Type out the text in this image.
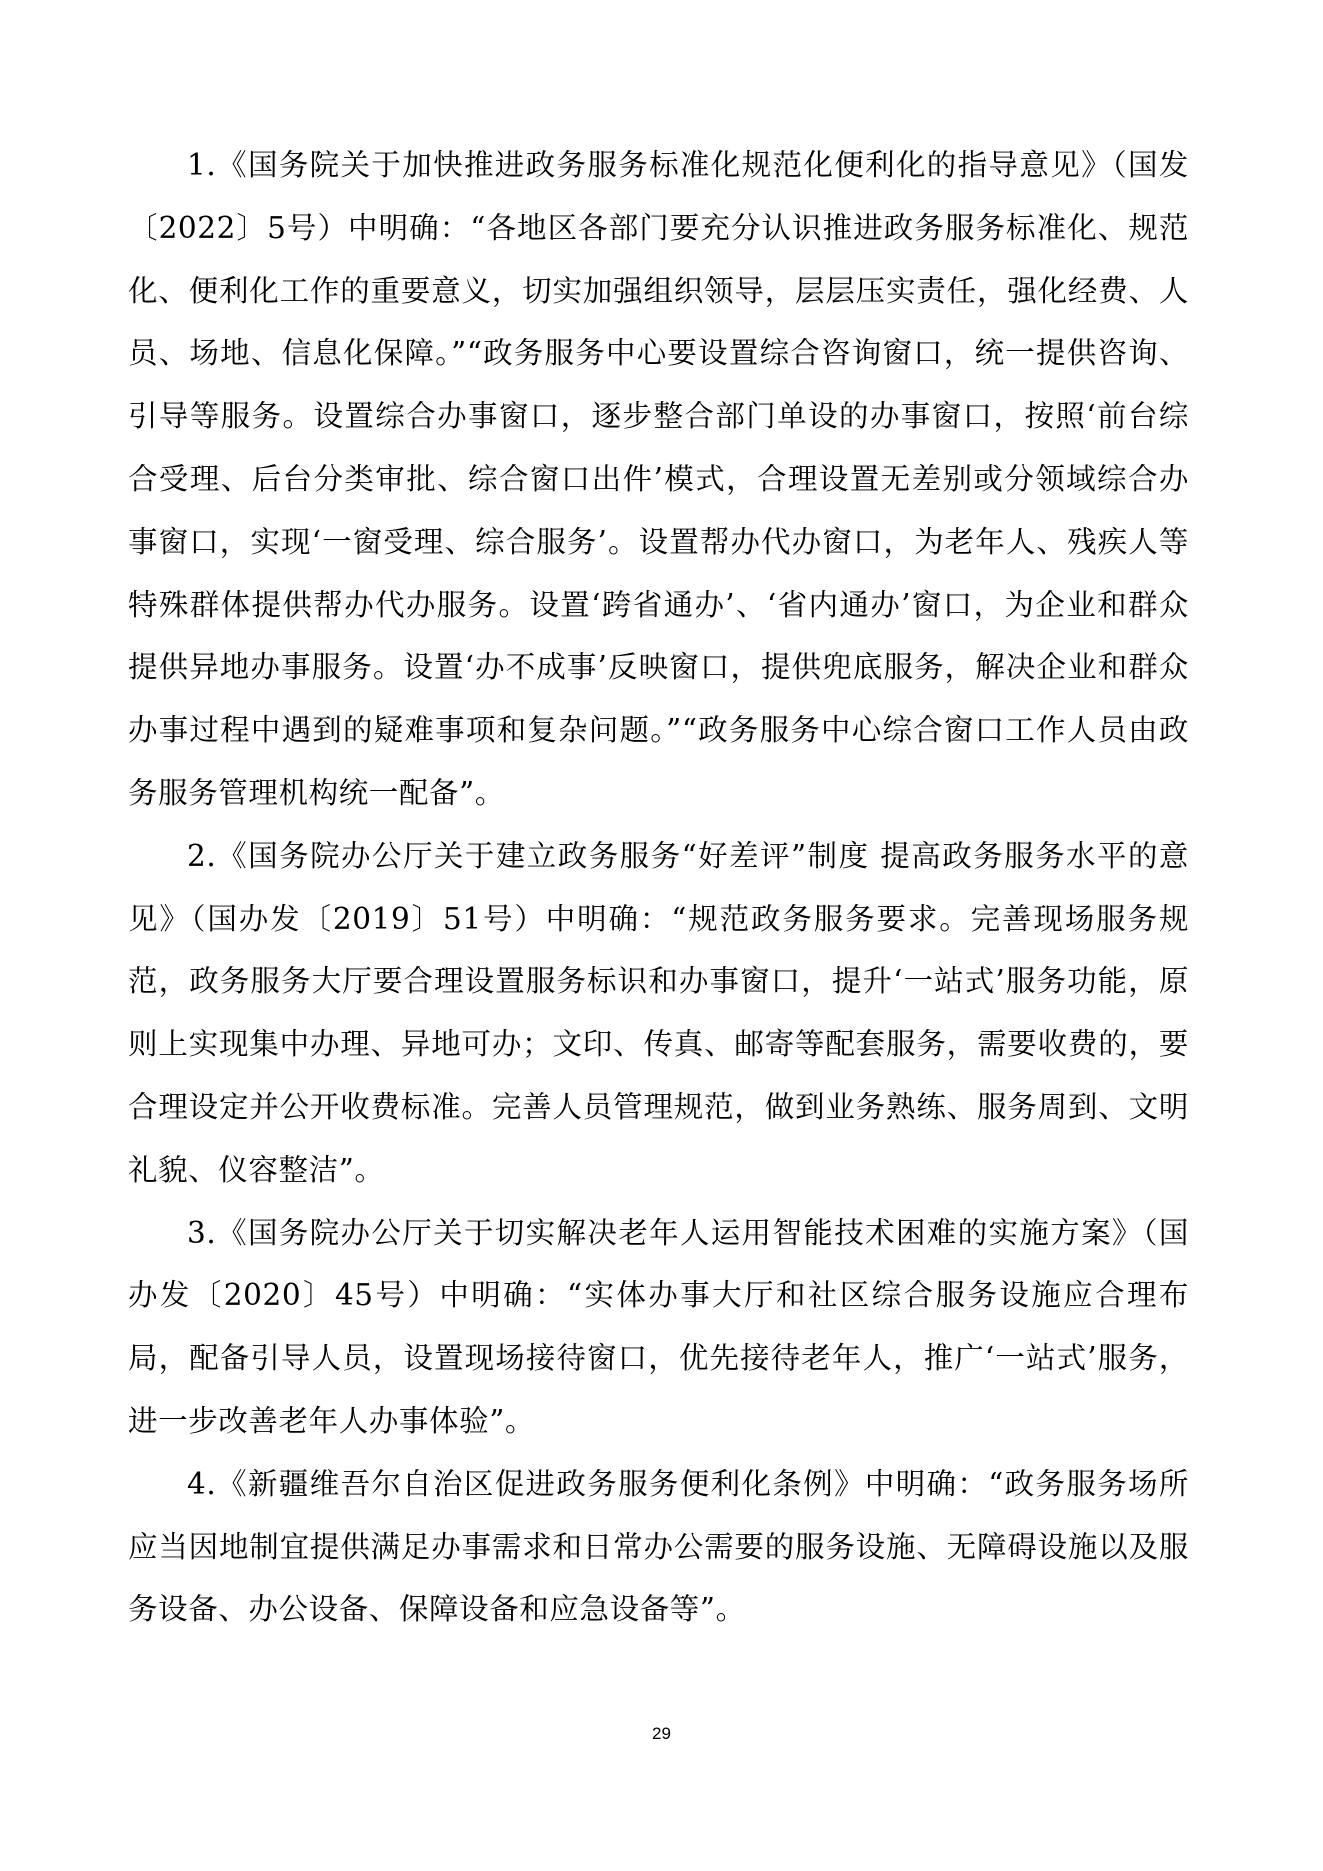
1.《国务院关于加快推进政务服务标准化规范化便利化的指导意见》（国发〔2022〕5号）中明确：“各地区各部门要充分认识推进政务服务标准化、规范化、便利化工作的重要意义，切实加强组织领导，层层压实责任，强化经费、人员、场地、信息化保障。”“政务服务中心要设置综合咨询窗口，统一提供咨询、引导等服务。设置综合办事窗口，逐步整合部门单设的办事窗口，按照‘前台综合受理、后台分类审批、综合窗口出件’模式，合理设置无差别或分领域综合办事窗口，实现‘一窗受理、综合服务’。设置帮办代办窗口，为老年人、残疾人等特殊群体提供帮办代办服务。设置‘跨省通办’、‘省内通办’窗口，为企业和群众提供异地办事服务。设置‘办不成事’反映窗口，提供兜底服务，解决企业和群众办事过程中遇到的疑难事项和复杂问题。”“政务服务中心综合窗口工作人员由政务服务管理机构统一配备”。

2.《国务院办公厅关于建立政务服务“好差评”制度 提高政务服务水平的意见》（国办发〔2019〕51号）中明确：“规范政务服务要求。完善现场服务规范，政务服务大厅要合理设置服务标识和办事窗口，提升‘一站式’服务功能，原则上实现集中办理、异地可办；文印、传真、邮寄等配套服务，需要收费的，要合理设定并公开收费标准。完善人员管理规范，做到业务熟练、服务周到、文明礼貌、仪容整洁”。

3.《国务院办公厅关于切实解决老年人运用智能技术困难的实施方案》（国办发〔2020〕45号）中明确：“实体办事大厅和社区综合服务设施应合理布局，配备引导人员，设置现场接待窗口，优先接待老年人，推广‘一站式’服务，进一步改善老年人办事体验”。

4.《新疆维吾尔自治区促进政务服务便利化条例》中明确：“政务服务场所应当因地制宜提供满足办事需求和日常办公需要的服务设施、无障碍设施以及服务设备、办公设备、保障设备和应急设备等”。

29
